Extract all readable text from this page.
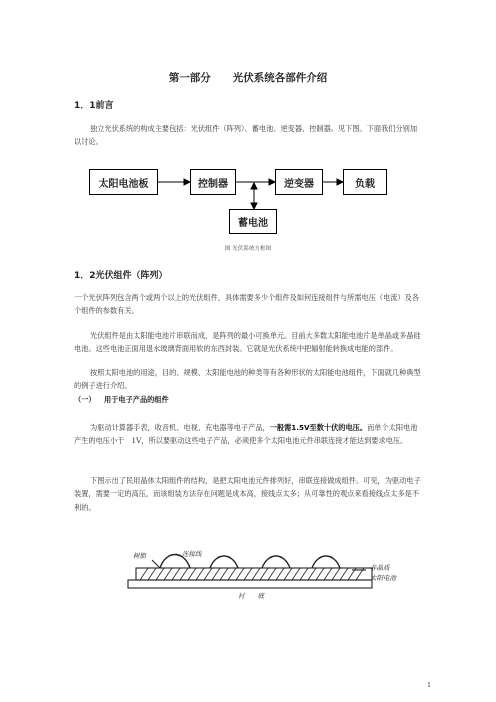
第一部分 光伏系统各部件介绍
1．1前言
独立光伏系统的构成主要包括：光伏组件（阵列）、蓄电池、逆变器、控制器。见下图。下面我们分别加以讨论。
太阳电池板	控制器	逆变器	负载
蓄电池
图 光伏系统方框图
1．2光伏组件（阵列）
一个光伏阵列包含两个或两个以上的光伏组件，具体需要多少个组件及如何连接组件与所需电压（电流）及各个组件的参数有关。
光伏组件是由太阳能电池片串联而成，是阵列的最小可换单元。目前大多数太阳能电池片是单晶或多晶硅电池。这些电池正面用退水玻璃背面用软的东西封装。它就是光伏系统中把辐射能转换成电能的部件。
按照太阳电池的用途，目的、规模、太阳能电池的种类等有各种形状的太阳能电池组件，下面就几种典型的例子进行介绍。
（一） 用于电子产品的组件
为驱动计算器手表，收音机、电视、充电器等电子产品，一般需1.5V至数十伏的电压。而单个太阳电池产生的电压小于　1V，所以要驱动这些电子产品，必须使多个太阳电池元件串联连接才能达到要求电压。
下图示出了民用晶体太阳组件的结构，是把太阳电池元件排列好，串联连接做成组件。可见，为驱动电子装置，需要一定的高压，而该组装方法存在问题是成本高，接线点太多；从可靠性的观点来看接线点太多是不利的。
树脂	连接线
衬　　底
非晶质
太阳电池
1
